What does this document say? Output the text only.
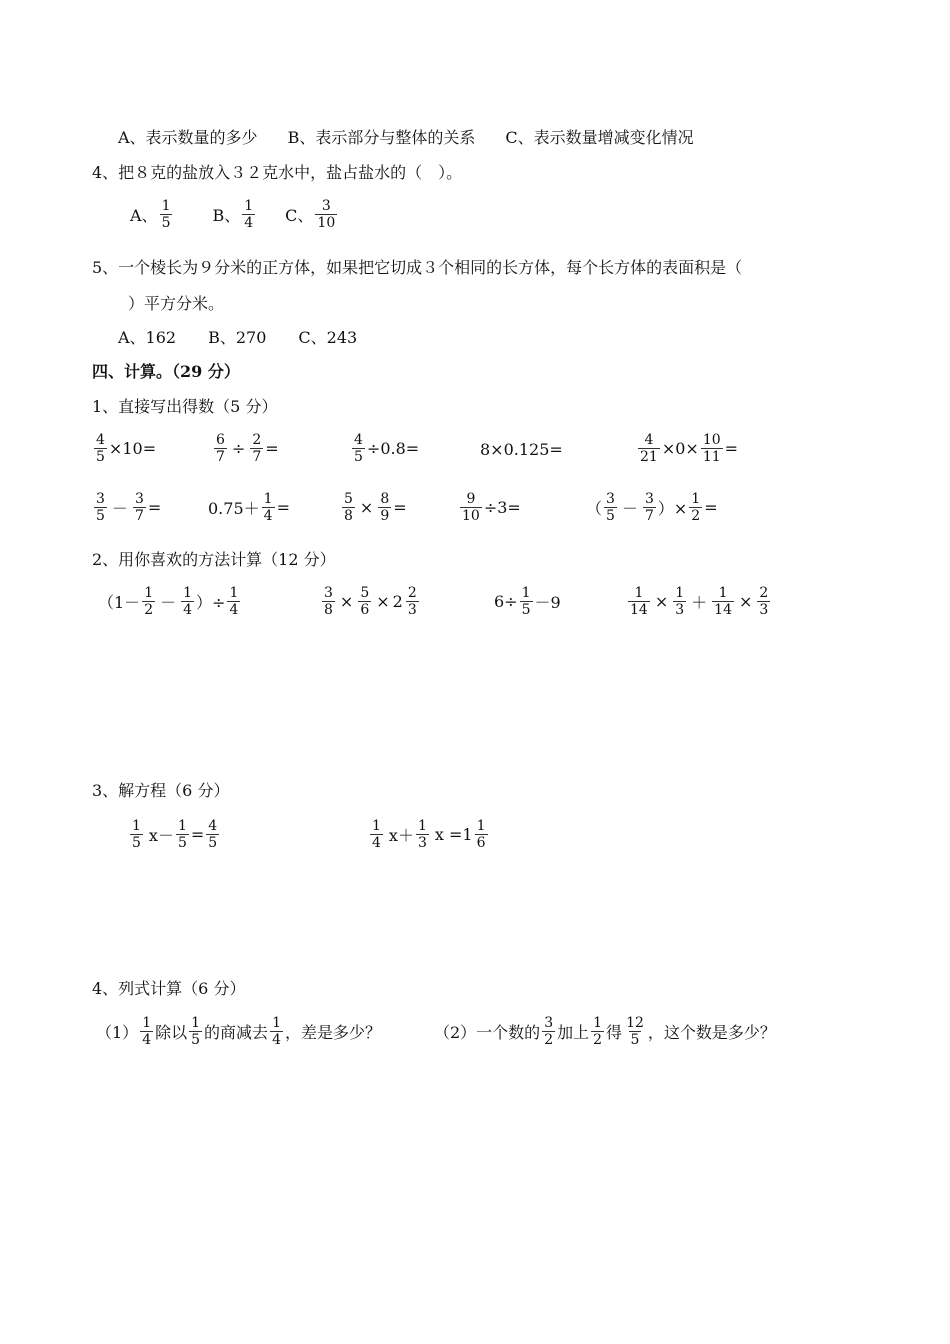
A、表示数量的多少 B、表示部分与整体的关系 C、表示数量增减变化情况
4、把８克的盐放入３２克水中，盐占盐水的（　）。
A、 $\frac{1}{5}$	B、 $\frac{1}{4}$ C、 $\frac{3}{10}$
5、一个棱长为９分米的正方体，如果把它切成３个相同的长方体，每个长方体的表面积是（
）平方分米。
A、162　　B、270　　C、243
四、计算。（29 分）
1、直接写出得数（5 分）
$\frac{4}{5} \times 10=$	$\frac{6}{7} \div \frac{2}{7}$ =	$\frac{4}{5} \div 0.8=$	8×0.125=	$\frac{4}{21} \times 0\times \frac{10}{11}$ =
$\frac{3}{5} - \frac{3}{7}$ =	$0.75+ \frac{1}{4}$ =	$\frac{5}{8} \times \frac{8}{9}$ =	$\frac{9}{10} \div 3=$	（ $\frac{3}{5} - \frac{3}{7}$ ）× $\frac{1}{2}$ =
2、用你喜欢的方法计算（12 分）
（$1- \frac{1}{2} - \frac{1}{4}$ ）÷ $\frac{1}{4}$	$\frac{3}{8} \times \frac{5}{6} \times 2 \frac{2}{3}$	$6\div \frac{1}{5} -9$	$\frac{1}{14} \times \frac{1}{3} + \frac{1}{14} \times \frac{2}{3}$
3、解方程（6 分）
$\frac{1}{5} x- \frac{1}{5} = \frac{4}{5}$	$\frac{1}{4} x+ \frac{1}{3}$ $x =1 \frac{1}{6}$
4、列式计算（6 分）
$(1) \frac{1}{4}$ 除以 $\frac{1}{5}$ 的商减去 $\frac{1}{4}$ ，差是多少？	（2）一个数的 $\frac{3}{2}$ 加上 $\frac{1}{2}$ 得 $\frac{12}{5}$ ，这个数是多少？
